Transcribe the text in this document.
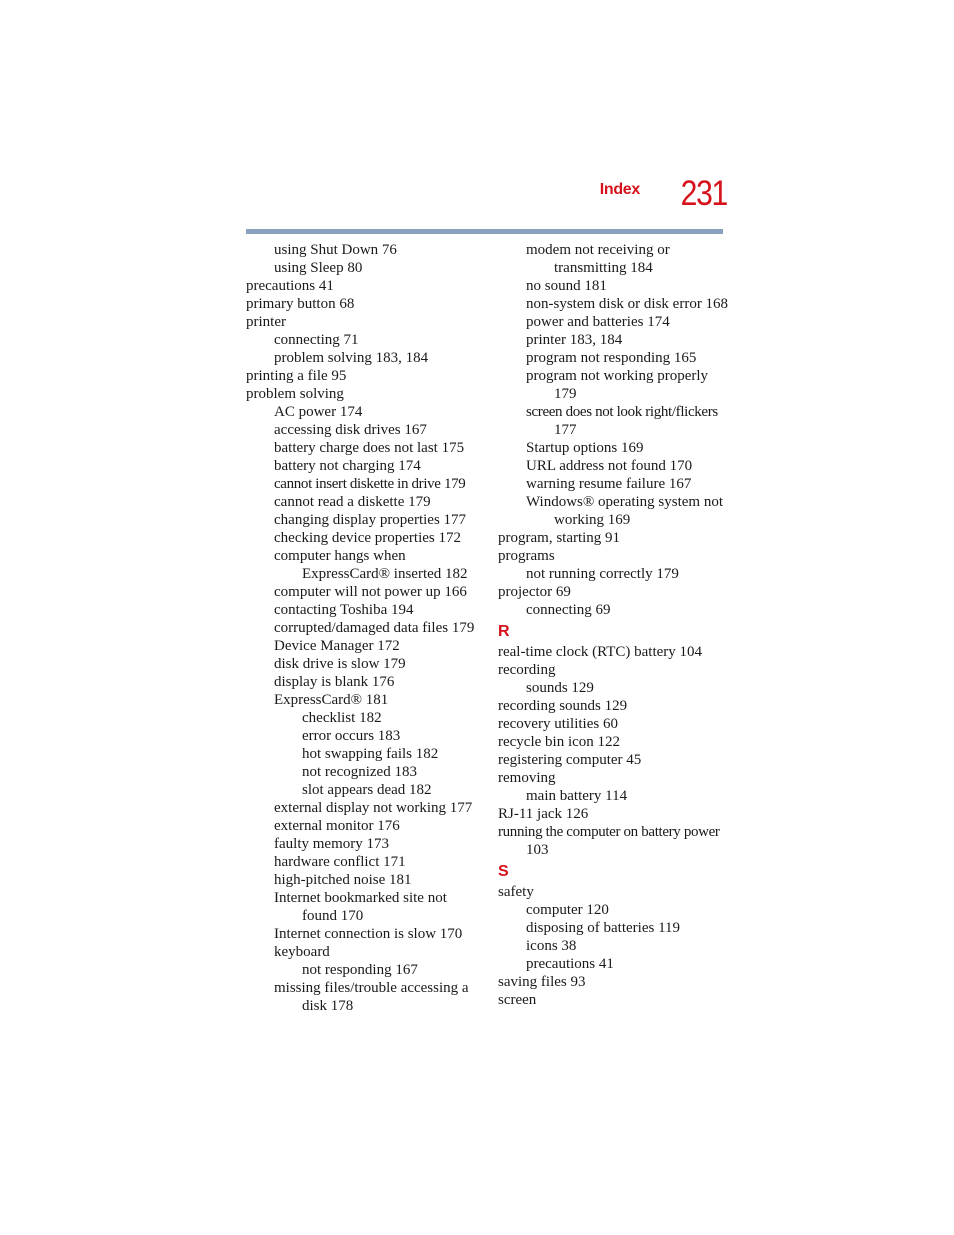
Index 231
using Shut Down 76
using Sleep 80
precautions 41
primary button 68
printer
connecting 71
problem solving 183, 184
printing a file 95
problem solving
AC power 174
accessing disk drives 167
battery charge does not last 175
battery not charging 174
cannot insert diskette in drive 179
cannot read a diskette 179
changing display properties 177
checking device properties 172
computer hangs when
ExpressCard® inserted 182
computer will not power up 166
contacting Toshiba 194
corrupted/damaged data files 179
Device Manager 172
disk drive is slow 179
display is blank 176
ExpressCard® 181
checklist 182
error occurs 183
hot swapping fails 182
not recognized 183
slot appears dead 182
external display not working 177
external monitor 176
faulty memory 173
hardware conflict 171
high-pitched noise 181
Internet bookmarked site not
found 170
Internet connection is slow 170
keyboard
not responding 167
missing files/trouble accessing a
disk 178
modem not receiving or
transmitting 184
no sound 181
non-system disk or disk error 168
power and batteries 174
printer 183, 184
program not responding 165
program not working properly
179
screen does not look right/flickers
177
Startup options 169
URL address not found 170
warning resume failure 167
Windows® operating system not
working 169
program, starting 91
programs
not running correctly 179
projector 69
connecting 69
R
real-time clock (RTC) battery 104
recording
sounds 129
recording sounds 129
recovery utilities 60
recycle bin icon 122
registering computer 45
removing
main battery 114
RJ-11 jack 126
running the computer on battery power
103
S
safety
computer 120
disposing of batteries 119
icons 38
precautions 41
saving files 93
screen
